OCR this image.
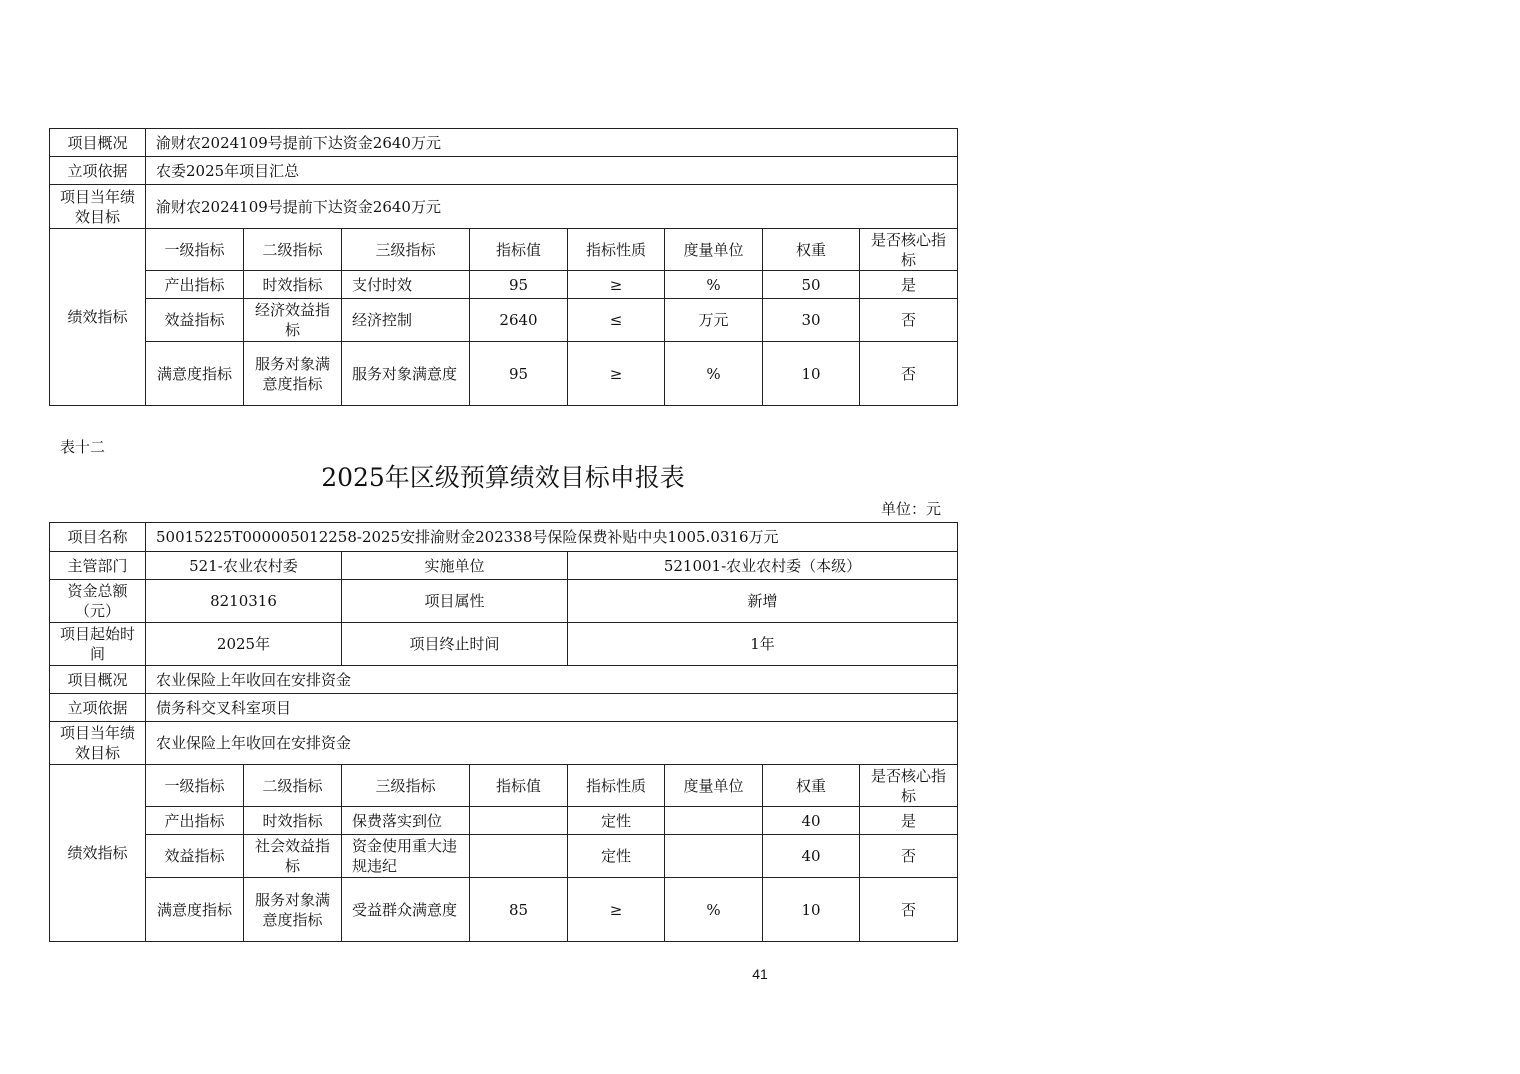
项目概况	渝财农2024109号提前下达资金2640万元							
立项依据	农委2025年项目汇总							
项目当年绩效目标	渝财农2024109号提前下达资金2640万元							
绩效指标	一级指标	二级指标	三级指标	指标值	指标性质	度量单位	权重	是否核心指标
	产出指标	时效指标	支付时效	95	≥	%	50	是
	效益指标	经济效益指标	经济控制	2640	≤	万元	30	否
	满意度指标	服务对象满意度指标	服务对象满意度	95	≥	%	10	否
表十二
2025年区级预算绩效目标申报表
单位：元
项目名称	50015225T000005012258-2025安排渝财金202338号保险保费补贴中央1005.0316万元							
主管部门	521-农业农村委		实施单位		521001-农业农村委（本级）			
资金总额（元）	8210316		项目属性		新增			
项目起始时间	2025年		项目终止时间		1年			
项目概况	农业保险上年收回在安排资金							
立项依据	债务科交叉科室项目							
项目当年绩效目标	农业保险上年收回在安排资金							
绩效指标	一级指标	二级指标	三级指标	指标值	指标性质	度量单位	权重	是否核心指标
	产出指标	时效指标	保费落实到位		定性		40	是
	效益指标	社会效益指标	资金使用重大违规违纪		定性		40	否
	满意度指标	服务对象满意度指标	受益群众满意度	85	≥	%	10	否
41
